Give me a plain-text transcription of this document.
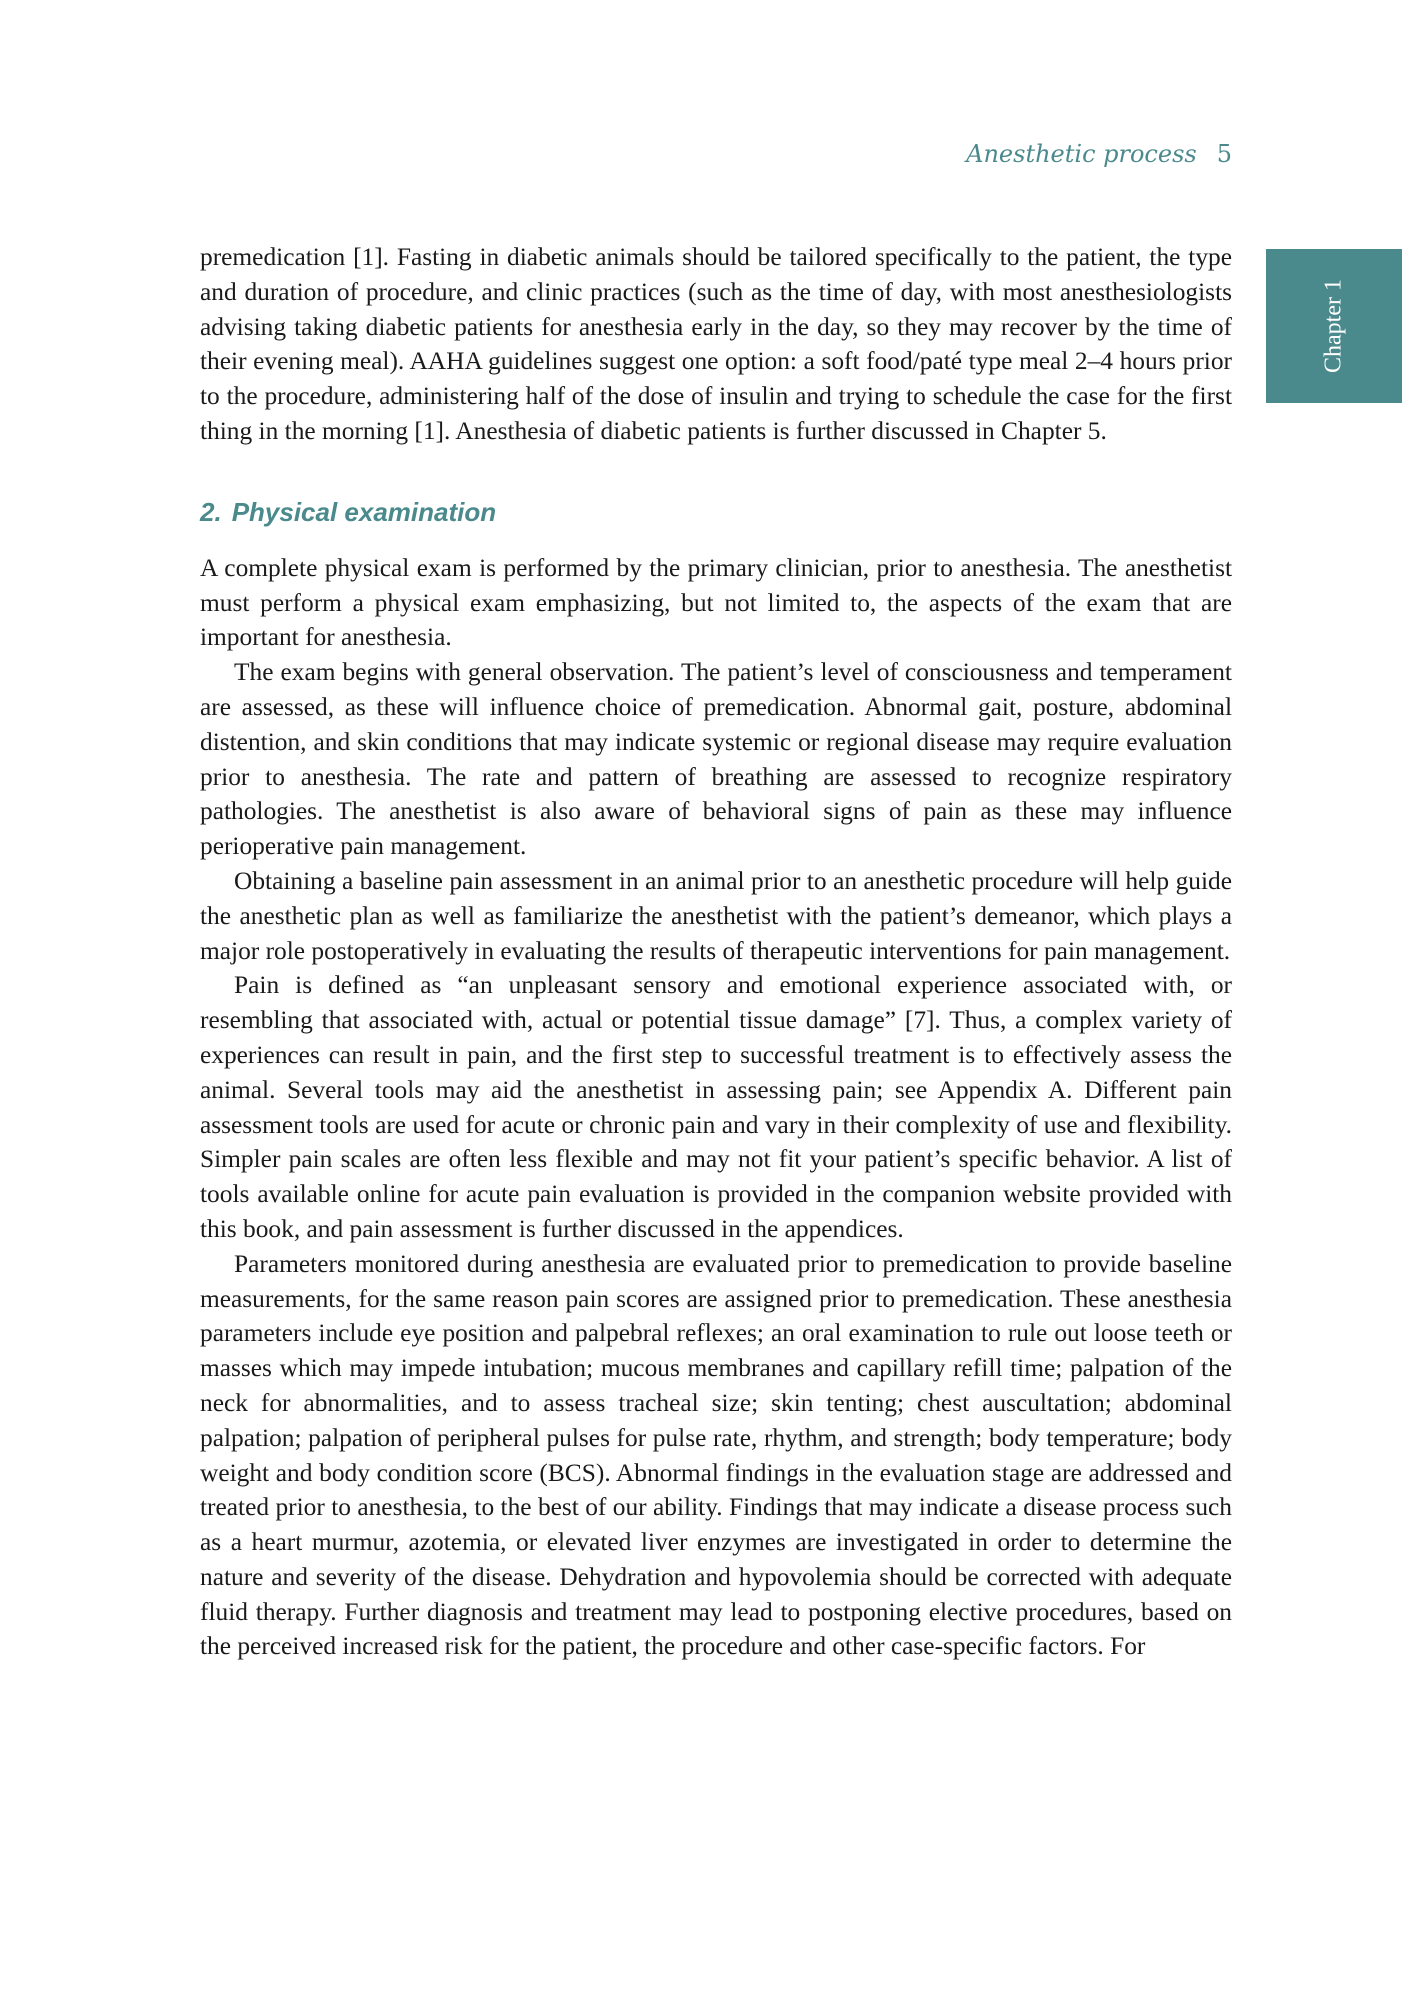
Anesthetic process 5
Chapter 1

premedication [1]. Fasting in diabetic animals should be tailored specifically to the patient, the type and duration of procedure, and clinic practices (such as the time of day, with most anesthesiologists advising taking diabetic patients for anesthesia early in the day, so they may recover by the time of their evening meal). AAHA guidelines suggest one option: a soft food/paté type meal 2–4 hours prior to the procedure, administering half of the dose of insulin and trying to schedule the case for the first thing in the morning [1]. Anesthesia of diabetic patients is further discussed in Chapter 5.

2. Physical examination

A complete physical exam is performed by the primary clinician, prior to anesthesia. The anesthetist must perform a physical exam emphasizing, but not limited to, the aspects of the exam that are important for anesthesia.

The exam begins with general observation. The patient’s level of consciousness and temperament are assessed, as these will influence choice of premedication. Abnormal gait, posture, abdominal distention, and skin conditions that may indicate systemic or regional disease may require evaluation prior to anesthesia. The rate and pattern of breathing are assessed to recognize respiratory pathologies. The anesthetist is also aware of behavioral signs of pain as these may influence perioperative pain management.

Obtaining a baseline pain assessment in an animal prior to an anesthetic procedure will help guide the anesthetic plan as well as familiarize the anesthetist with the patient’s demeanor, which plays a major role postoperatively in evaluating the results of therapeutic interventions for pain management.

Pain is defined as “an unpleasant sensory and emotional experience associated with, or resembling that associated with, actual or potential tissue damage” [7]. Thus, a complex variety of experiences can result in pain, and the first step to successful treatment is to effectively assess the animal. Several tools may aid the anesthetist in assessing pain; see Appendix A. Different pain assessment tools are used for acute or chronic pain and vary in their complexity of use and flexibility. Simpler pain scales are often less flexible and may not fit your patient’s specific behavior. A list of tools available online for acute pain evaluation is provided in the companion website provided with this book, and pain assessment is further discussed in the appendices.

Parameters monitored during anesthesia are evaluated prior to premedication to provide baseline measurements, for the same reason pain scores are assigned prior to premedication. These anesthesia parameters include eye position and palpebral reflexes; an oral examination to rule out loose teeth or masses which may impede intubation; mucous membranes and capillary refill time; palpation of the neck for abnormalities, and to assess tracheal size; skin tenting; chest auscultation; abdominal palpation; palpation of peripheral pulses for pulse rate, rhythm, and strength; body temperature; body weight and body condition score (BCS). Abnormal findings in the evaluation stage are addressed and treated prior to anesthesia, to the best of our ability. Findings that may indicate a disease process such as a heart murmur, azotemia, or elevated liver enzymes are investigated in order to determine the nature and severity of the disease. Dehydration and hypovolemia should be corrected with adequate fluid therapy. Further diagnosis and treatment may lead to postponing elective procedures, based on the perceived increased risk for the patient, the procedure and other case-specific factors. For
